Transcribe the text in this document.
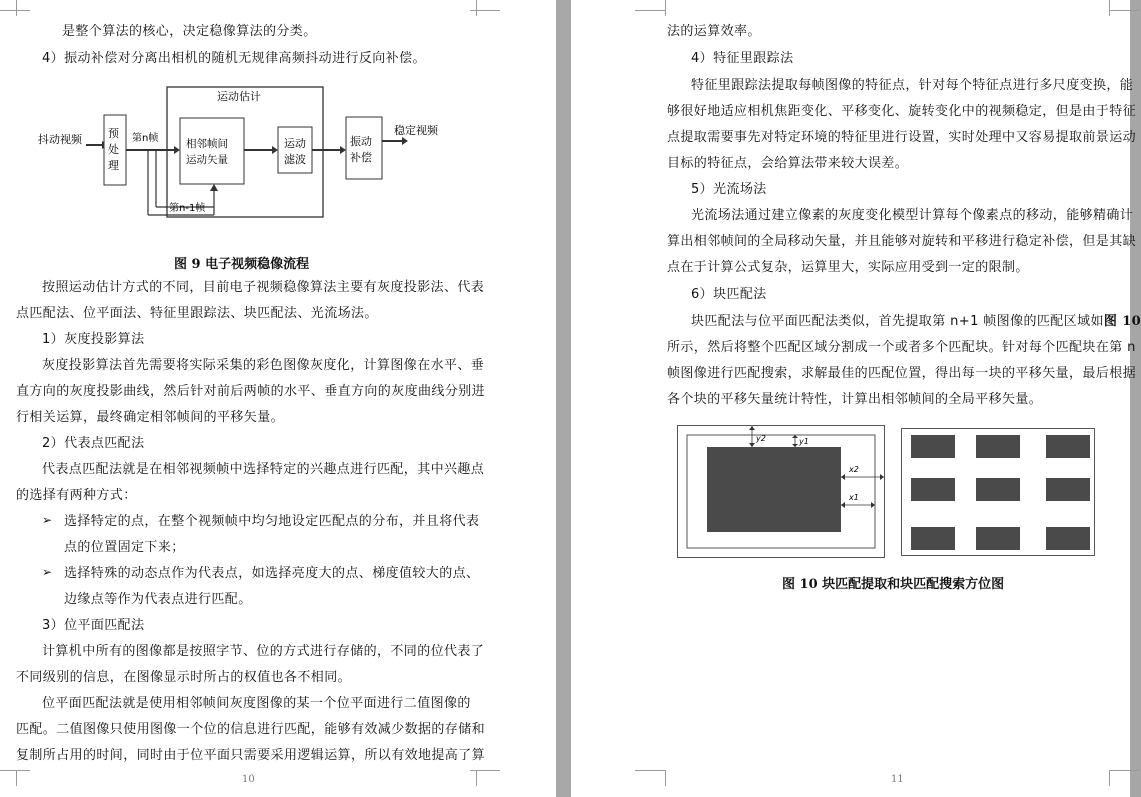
是整个算法的核心，决定稳像算法的分类。
4）振动补偿对分离出相机的随机无规律高频抖动进行反向补偿。
运动估计
抖动视频 预
处
理
第n帧	相邻帧间
运动矢量
运动
滤波
振动
补偿
稳定视频
第n-1帧
图 9 电子视频稳像流程
按照运动估计方式的不同，目前电子视频稳像算法主要有灰度投影法、代表
点匹配法、位平面法、特征里跟踪法、块匹配法、光流场法。
1）灰度投影算法
灰度投影算法首先需要将实际采集的彩色图像灰度化，计算图像在水平、垂
直方向的灰度投影曲线，然后针对前后两帧的水平、垂直方向的灰度曲线分别进
行相关运算，最终确定相邻帧间的平移矢量。
2）代表点匹配法
代表点匹配法就是在相邻视频帧中选择特定的兴趣点进行匹配，其中兴趣点
的选择有两种方式：
➢ 选择特定的点，在整个视频帧中均匀地设定匹配点的分布，并且将代表
点的位置固定下来；
➢ 选择特殊的动态点作为代表点，如选择亮度大的点、梯度值较大的点、
边缘点等作为代表点进行匹配。
3）位平面匹配法
计算机中所有的图像都是按照字节、位的方式进行存储的，不同的位代表了
不同级别的信息，在图像显示时所占的权值也各不相同。
位平面匹配法就是使用相邻帧间灰度图像的某一个位平面进行二值图像的
匹配。二值图像只使用图像一个位的信息进行匹配，能够有效减少数据的存储和
复制所占用的时间，同时由于位平面只需要采用逻辑运算，所以有效地提高了算
10
法的运算效率。
4）特征里跟踪法
特征里跟踪法提取每帧图像的特征点，针对每个特征点进行多尺度变换，能
够很好地适应相机焦距变化、平移变化、旋转变化中的视频稳定，但是由于特征
点提取需要事先对特定环境的特征里进行设置，实时处理中又容易提取前景运动
目标的特征点，会给算法带来较大误差。
5）光流场法
光流场法通过建立像素的灰度变化模型计算每个像素点的移动，能够精确计
算出相邻帧间的全局移动矢量，并且能够对旋转和平移进行稳定补偿，但是其缺
点在于计算公式复杂，运算里大，实际应用受到一定的限制。
6）块匹配法
块匹配法与位平面匹配法类似，首先提取第 n+1 帧图像的匹配区域如图 10
所示，然后将整个匹配区域分割成一个或者多个匹配块。针对每个匹配块在第 n
帧图像进行匹配搜索，求解最佳的匹配位置，得出每一块的平移矢量，最后根据
各个块的平移矢量统计特性，计算出相邻帧间的全局平移矢量。
y2	y1
x2
x1
图 10 块匹配提取和块匹配搜索方位图
11
